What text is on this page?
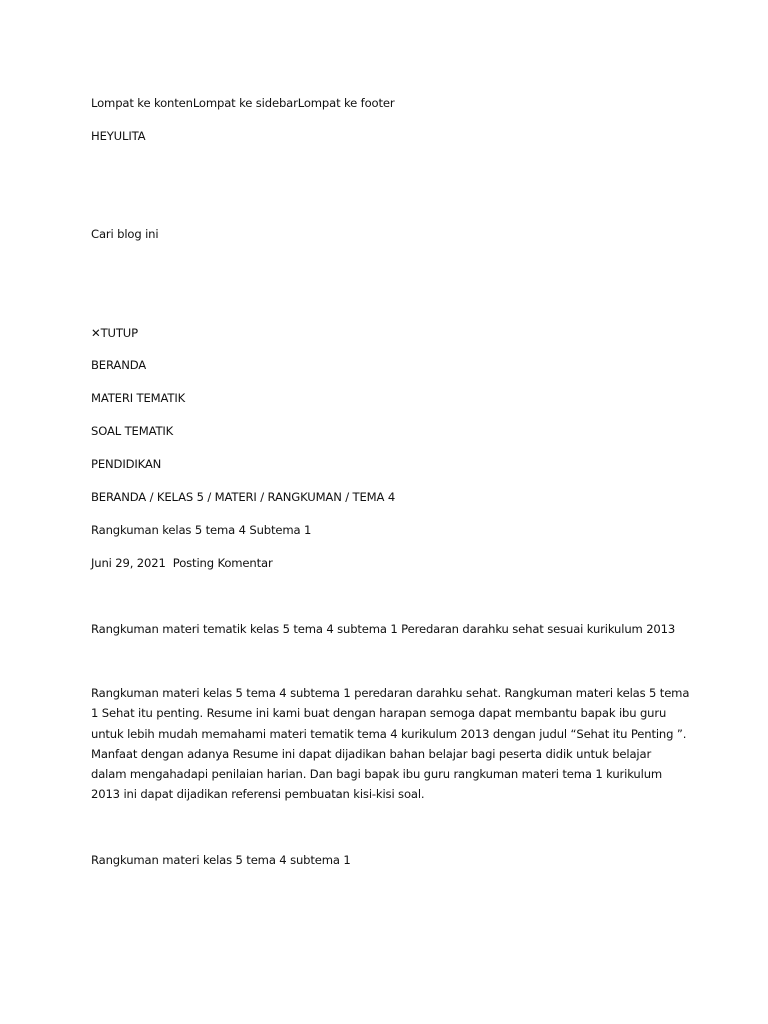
Lompat ke kontenLompat ke sidebarLompat ke footer
HEYULITA
Cari blog ini
✕TUTUP
BERANDA
MATERI TEMATIK
SOAL TEMATIK
PENDIDIKAN
BERANDA / KELAS 5 / MATERI / RANGKUMAN / TEMA 4
Rangkuman kelas 5 tema 4 Subtema 1
Juni 29, 2021 Posting Komentar
Rangkuman materi tematik kelas 5 tema 4 subtema 1 Peredaran darahku sehat sesuai kurikulum 2013
Rangkuman materi kelas 5 tema 4 subtema 1 peredaran darahku sehat. Rangkuman materi kelas 5 tema
1 Sehat itu penting. Resume ini kami buat dengan harapan semoga dapat membantu bapak ibu guru
untuk lebih mudah memahami materi tematik tema 4 kurikulum 2013 dengan judul “Sehat itu Penting ”.
Manfaat dengan adanya Resume ini dapat dijadikan bahan belajar bagi peserta didik untuk belajar
dalam mengahadapi penilaian harian. Dan bagi bapak ibu guru rangkuman materi tema 1 kurikulum
2013 ini dapat dijadikan referensi pembuatan kisi-kisi soal.
Rangkuman materi kelas 5 tema 4 subtema 1
